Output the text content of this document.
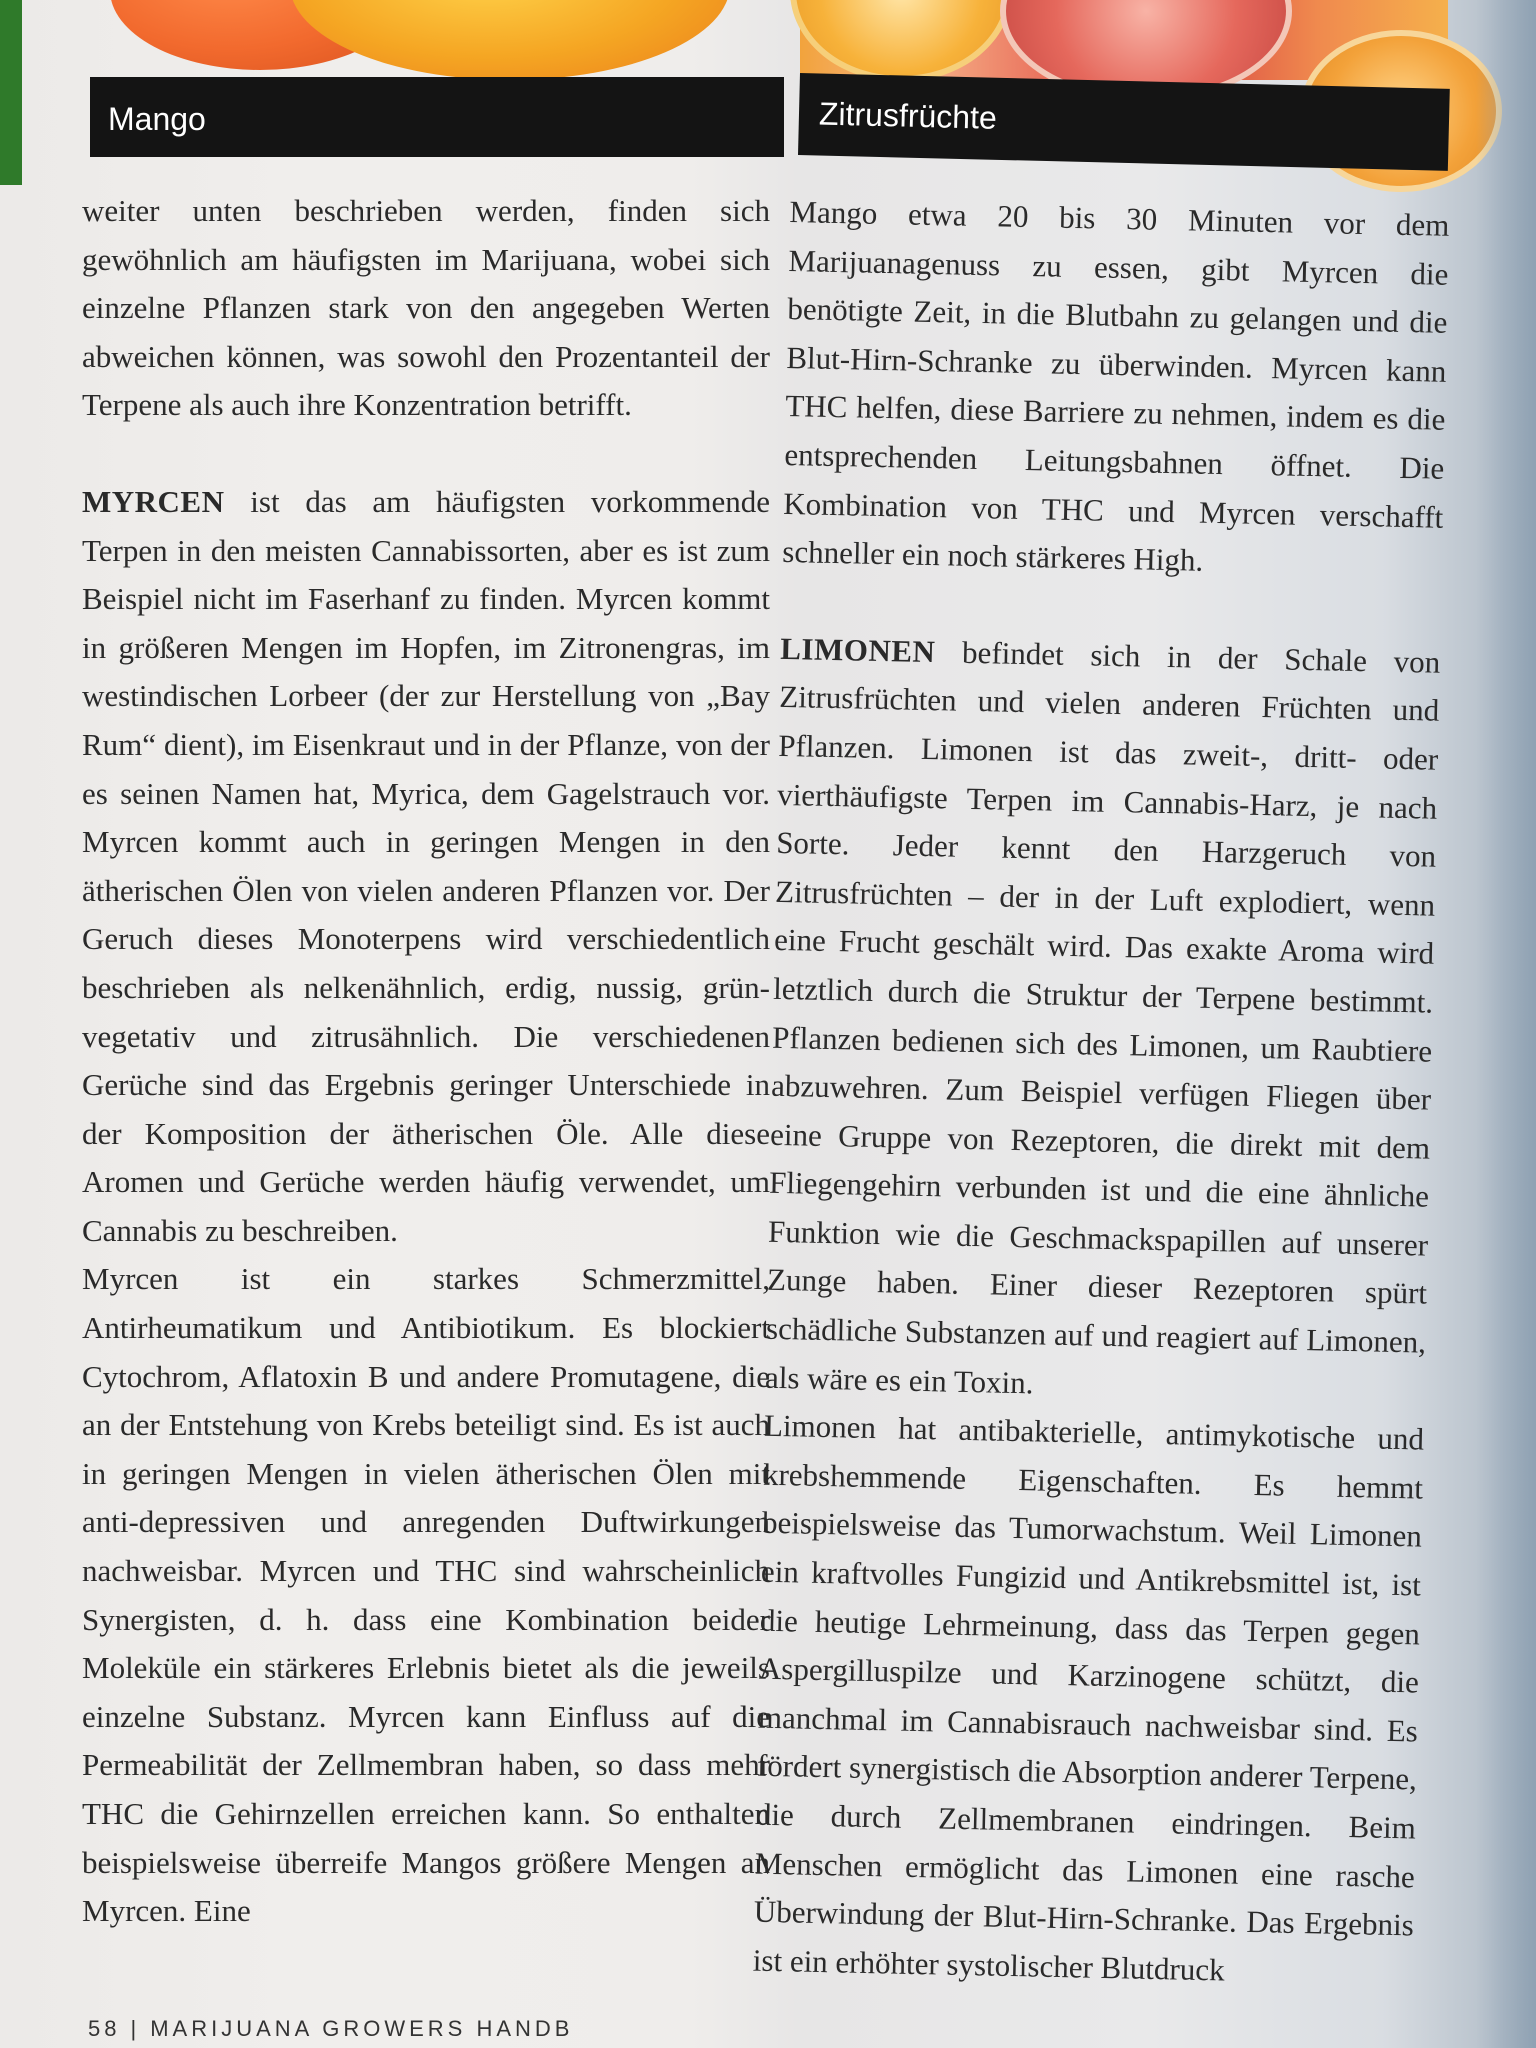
Mango	Zitrusfrüchte

weiter unten beschrieben werden, finden sich gewöhnlich am häufigsten im Marijuana, wobei sich einzelne Pflanzen stark von den angegeben Werten abweichen können, was sowohl den Prozentanteil der Terpene als auch ihre Konzentration betrifft.

MYRCEN ist das am häufigsten vorkommende Terpen in den meisten Cannabissorten, aber es ist zum Beispiel nicht im Faserhanf zu finden. Myrcen kommt in größeren Mengen im Hopfen, im Zitronengras, im westindischen Lorbeer (der zur Herstellung von „Bay Rum“ dient), im Eisenkraut und in der Pflanze, von der es seinen Namen hat, Myrica, dem Gagelstrauch vor. Myrcen kommt auch in geringen Mengen in den ätherischen Ölen von vielen anderen Pflanzen vor. Der Geruch dieses Monoterpens wird verschiedentlich beschrieben als nelkenähnlich, erdig, nussig, grün-vegetativ und zitrusähnlich. Die verschiedenen Gerüche sind das Ergebnis geringer Unterschiede in der Komposition der ätherischen Öle. Alle diese Aromen und Gerüche werden häufig verwendet, um Cannabis zu beschreiben.

Myrcen ist ein starkes Schmerzmittel, Antirheumatikum und Antibiotikum. Es blockiert Cytochrom, Aflatoxin B und andere Promutagene, die an der Entstehung von Krebs beteiligt sind. Es ist auch in geringen Mengen in vielen ätherischen Ölen mit anti-depressiven und anregenden Duftwirkungen nachweisbar. Myrcen und THC sind wahrscheinlich Synergisten, d. h. dass eine Kombination beider Moleküle ein stärkeres Erlebnis bietet als die jeweils einzelne Substanz. Myrcen kann Einfluss auf die Permeabilität der Zellmembran haben, so dass mehr THC die Gehirnzellen erreichen kann. So enthalten beispielsweise überreife Mangos größere Mengen an Myrcen. Eine

Mango etwa 20 bis 30 Minuten vor dem Marijuanagenuss zu essen, gibt Myrcen die benötigte Zeit, in die Blutbahn zu gelangen und die Blut-Hirn-Schranke zu überwinden. Myrcen kann THC helfen, diese Barriere zu nehmen, indem es die entsprechenden Leitungsbahnen öffnet. Die Kombination von THC und Myrcen verschafft schneller ein noch stärkeres High.

LIMONEN befindet sich in der Schale von Zitrusfrüchten und vielen anderen Früchten und Pflanzen. Limonen ist das zweit-, dritt- oder vierthäufigste Terpen im Cannabis-Harz, je nach Sorte. Jeder kennt den Harzgeruch von Zitrusfrüchten – der in der Luft explodiert, wenn eine Frucht geschält wird. Das exakte Aroma wird letztlich durch die Struktur der Terpene bestimmt. Pflanzen bedienen sich des Limonen, um Raubtiere abzuwehren. Zum Beispiel verfügen Fliegen über eine Gruppe von Rezeptoren, die direkt mit dem Fliegengehirn verbunden ist und die eine ähnliche Funktion wie die Geschmackspapillen auf unserer Zunge haben. Einer dieser Rezeptoren spürt schädliche Substanzen auf und reagiert auf Limonen, als wäre es ein Toxin.

Limonen hat antibakterielle, antimykotische und krebshemmende Eigenschaften. Es hemmt beispielsweise das Tumorwachstum. Weil Limonen ein kraftvolles Fungizid und Antikrebsmittel ist, ist die heutige Lehrmeinung, dass das Terpen gegen Aspergilluspilze und Karzinogene schützt, die manchmal im Cannabisrauch nachweisbar sind. Es fördert synergistisch die Absorption anderer Terpene, die durch Zellmembranen eindringen. Beim Menschen ermöglicht das Limonen eine rasche Überwindung der Blut-Hirn-Schranke. Das Ergebnis ist ein erhöhter systolischer Blutdruck

58 | MARIJUANA GROWERS HANDB
